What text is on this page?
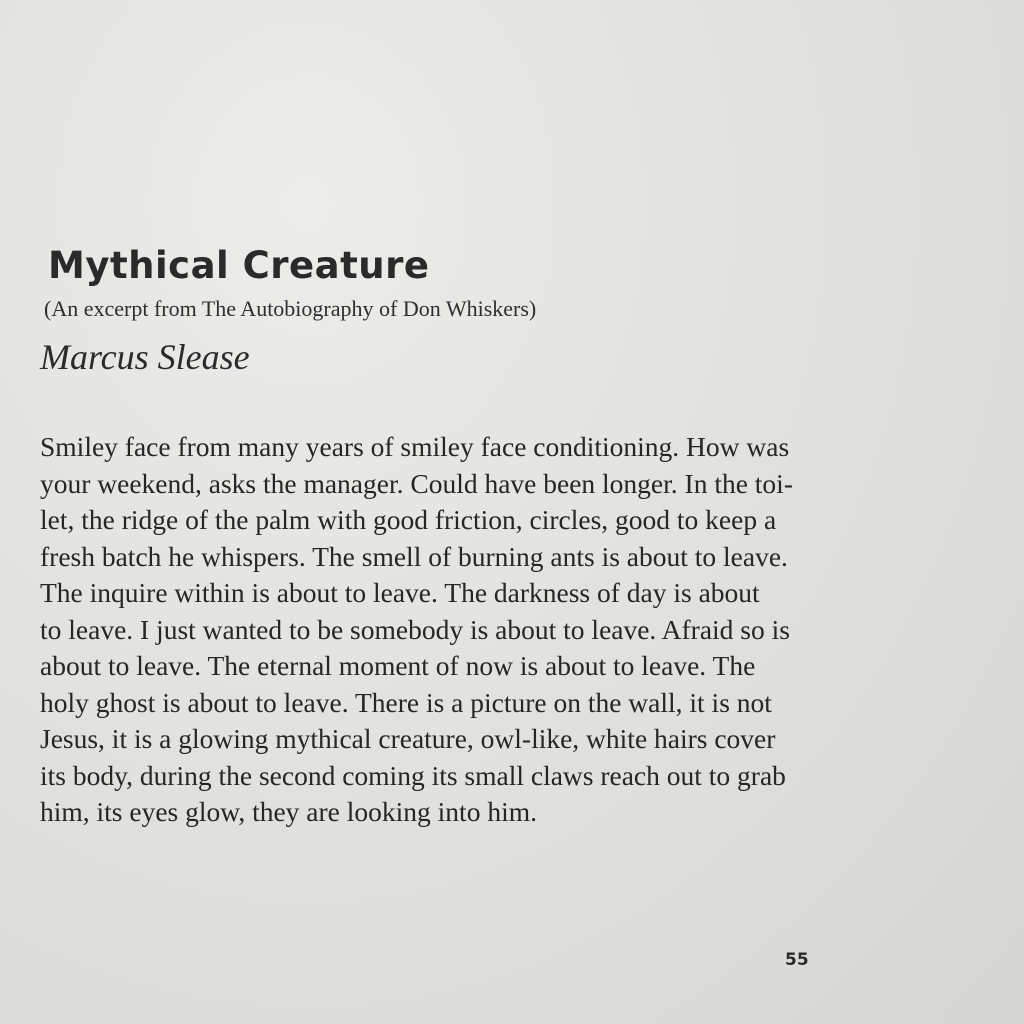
Mythical Creature

(An excerpt from The Autobiography of Don Whiskers)

Marcus Slease

Smiley face from many years of smiley face conditioning. How was
your weekend, asks the manager. Could have been longer. In the toi-
let, the ridge of the palm with good friction, circles, good to keep a
fresh batch he whispers. The smell of burning ants is about to leave.
The inquire within is about to leave. The darkness of day is about
to leave. I just wanted to be somebody is about to leave. Afraid so is
about to leave. The eternal moment of now is about to leave. The
holy ghost is about to leave. There is a picture on the wall, it is not
Jesus, it is a glowing mythical creature, owl-like, white hairs cover
its body, during the second coming its small claws reach out to grab
him, its eyes glow, they are looking into him.

55
